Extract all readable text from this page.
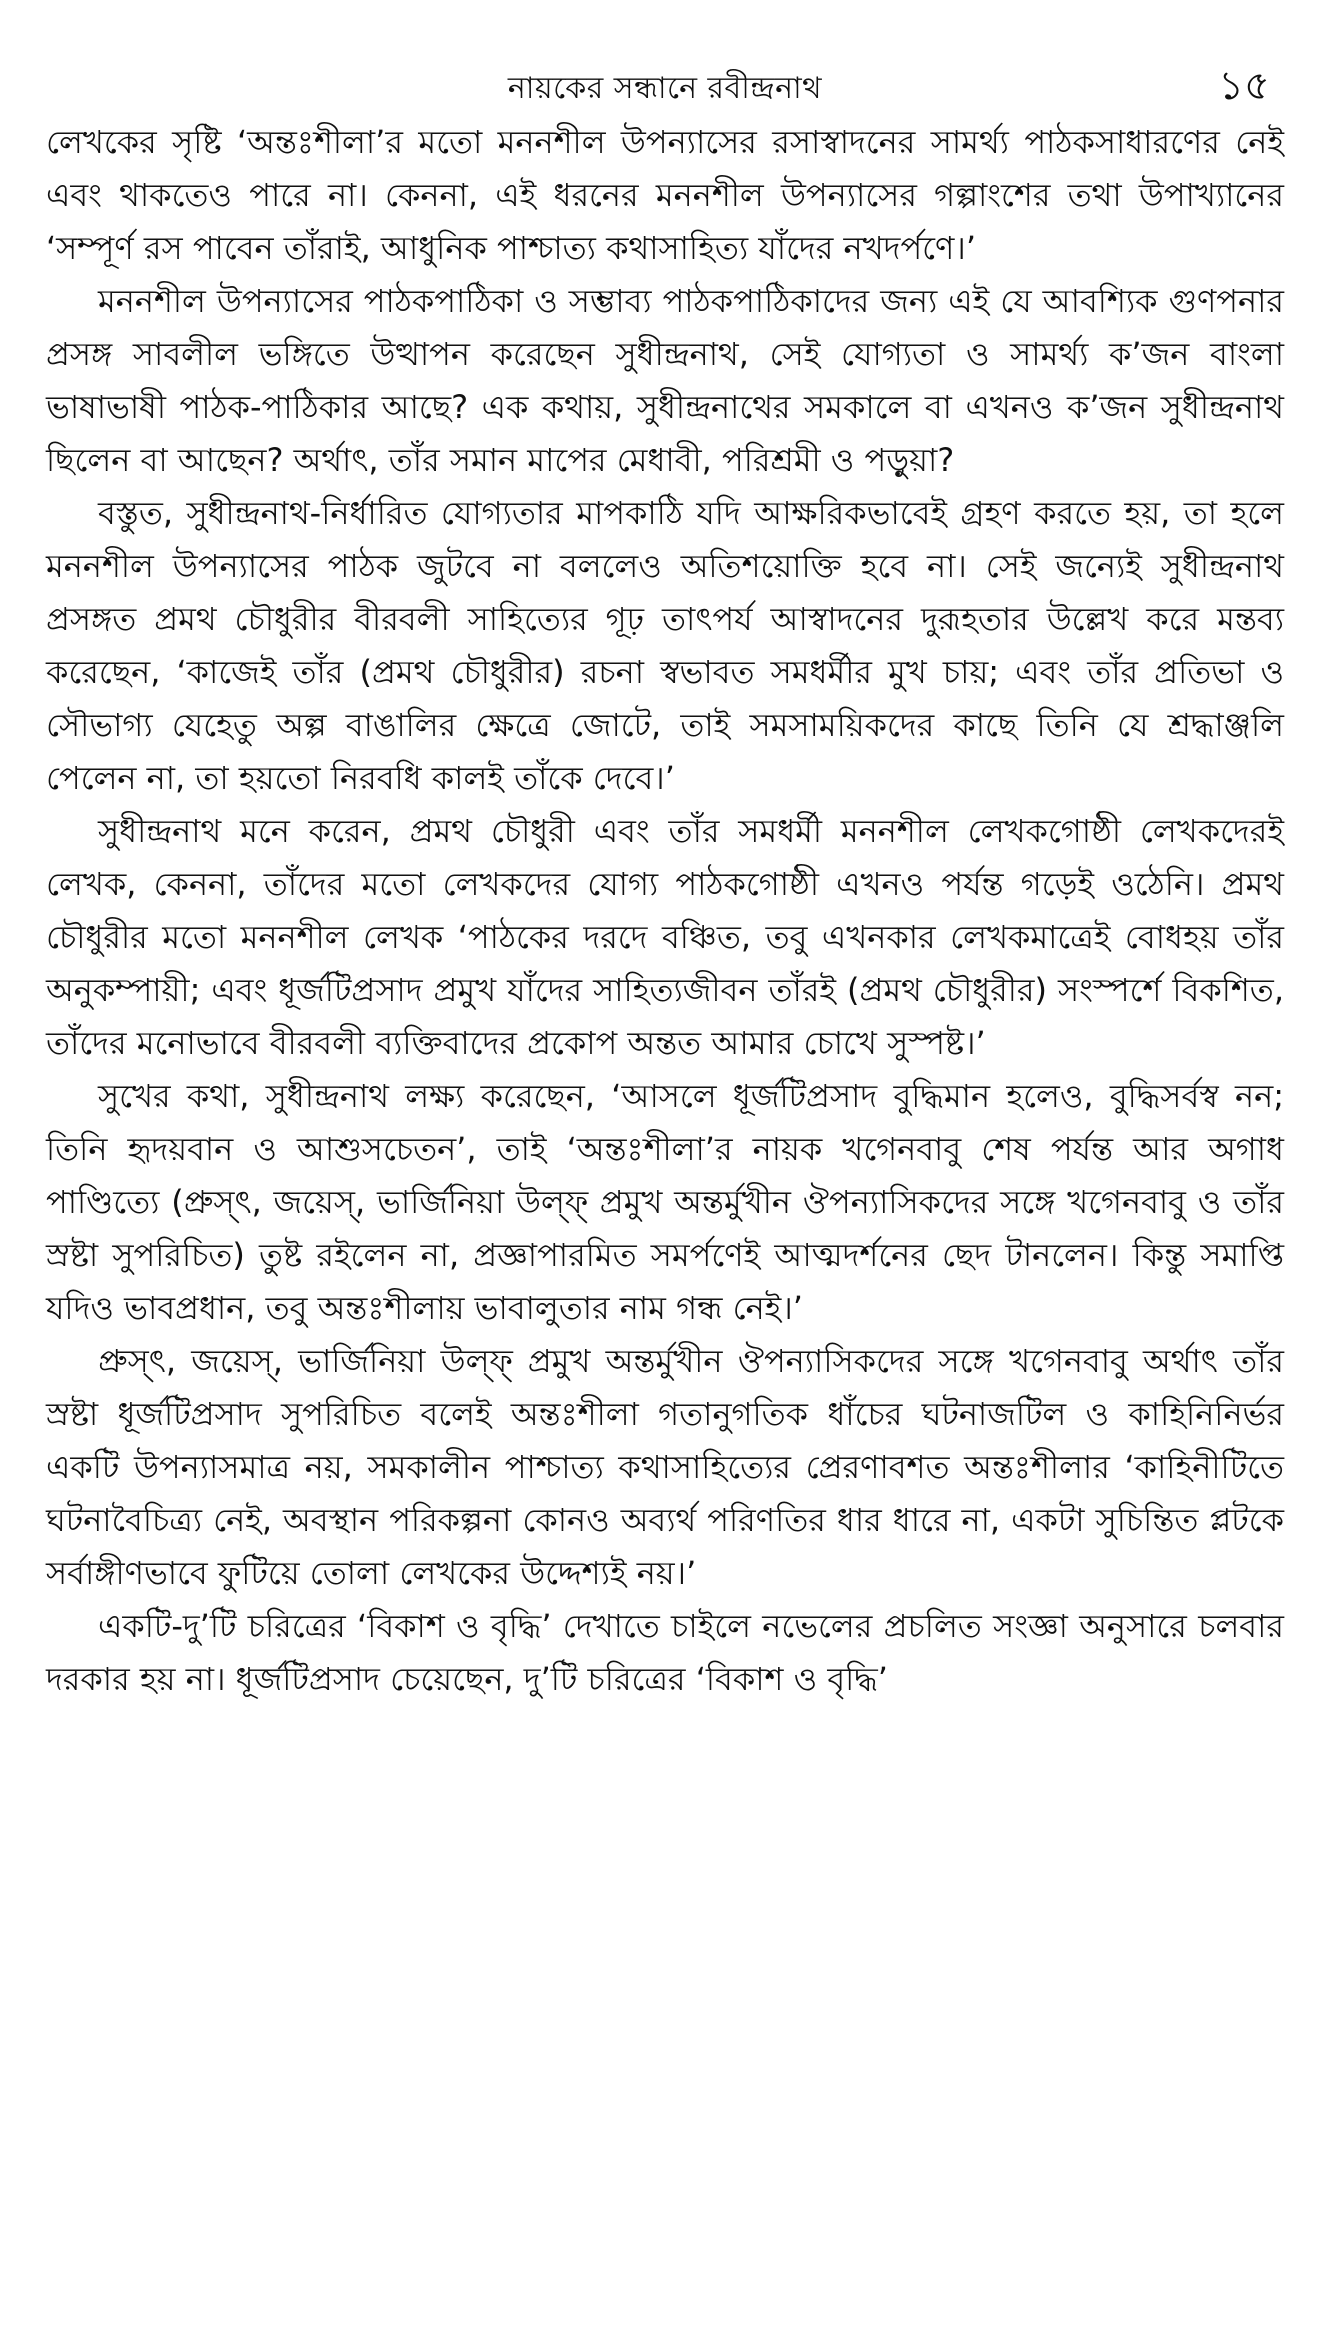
নায়কের সন্ধানে রবীন্দ্রনাথ	১৫

লেখকের সৃষ্টি ‘অন্তঃশীলা’র মতো মননশীল উপন্যাসের রসাস্বাদনের সামর্থ্য পাঠকসাধারণের নেই এবং থাকতেও পারে না। কেননা, এই ধরনের মননশীল উপন্যাসের গল্পাংশের তথা উপাখ্যানের ‘সম্পূর্ণ রস পাবেন তাঁরাই, আধুনিক পাশ্চাত্য কথাসাহিত্য যাঁদের নখদর্পণে।’

মননশীল উপন্যাসের পাঠকপাঠিকা ও সম্ভাব্য পাঠকপাঠিকাদের জন্য এই যে আবশ্যিক গুণপনার প্রসঙ্গ সাবলীল ভঙ্গিতে উত্থাপন করেছেন সুধীন্দ্রনাথ, সেই যোগ্যতা ও সামর্থ্য ক’জন বাংলা ভাষাভাষী পাঠক-পাঠিকার আছে? এক কথায়, সুধীন্দ্রনাথের সমকালে বা এখনও ক’জন সুধীন্দ্রনাথ ছিলেন বা আছেন? অর্থাৎ, তাঁর সমান মাপের মেধাবী, পরিশ্রমী ও পড়ুয়া?

বস্তুত, সুধীন্দ্রনাথ-নির্ধারিত যোগ্যতার মাপকাঠি যদি আক্ষরিকভাবেই গ্রহণ করতে হয়, তা হলে মননশীল উপন্যাসের পাঠক জুটবে না বললেও অতিশয়োক্তি হবে না। সেই জন্যেই সুধীন্দ্রনাথ প্রসঙ্গত প্রমথ চৌধুরীর বীরবলী সাহিত্যের গূঢ় তাৎপর্য আস্বাদনের দুরূহতার উল্লেখ করে মন্তব্য করেছেন, ‘কাজেই তাঁর (প্রমথ চৌধুরীর) রচনা স্বভাবত সমধর্মীর মুখ চায়; এবং তাঁর প্রতিভা ও সৌভাগ্য যেহেতু অল্প বাঙালির ক্ষেত্রে জোটে, তাই সমসাময়িকদের কাছে তিনি যে শ্রদ্ধাঞ্জলি পেলেন না, তা হয়তো নিরবধি কালই তাঁকে দেবে।’

সুধীন্দ্রনাথ মনে করেন, প্রমথ চৌধুরী এবং তাঁর সমধর্মী মননশীল লেখকগোষ্ঠী লেখকদেরই লেখক, কেননা, তাঁদের মতো লেখকদের যোগ্য পাঠকগোষ্ঠী এখনও পর্যন্ত গড়েই ওঠেনি। প্রমথ চৌধুরীর মতো মননশীল লেখক ‘পাঠকের দরদে বঞ্চিত, তবু এখনকার লেখকমাত্রেই বোধহয় তাঁর অনুকম্পায়ী; এবং ধূর্জটিপ্রসাদ প্রমুখ যাঁদের সাহিত্যজীবন তাঁরই (প্রমথ চৌধুরীর) সংস্পর্শে বিকশিত, তাঁদের মনোভাবে বীরবলী ব্যক্তিবাদের প্রকোপ অন্তত আমার চোখে সুস্পষ্ট।’

সুখের কথা, সুধীন্দ্রনাথ লক্ষ্য করেছেন, ‘আসলে ধূর্জটিপ্রসাদ বুদ্ধিমান হলেও, বুদ্ধিসর্বস্ব নন; তিনি হৃদয়বান ও আশুসচেতন’, তাই ‘অন্তঃশীলা’র নায়ক খগেনবাবু শেষ পর্যন্ত আর অগাধ পাণ্ডিত্যে (প্রুস্ৎ, জয়েস্, ভার্জিনিয়া উল্ফ্ প্রমুখ অন্তর্মুখীন ঔপন্যাসিকদের সঙ্গে খগেনবাবু ও তাঁর স্রষ্টা সুপরিচিত) তুষ্ট রইলেন না, প্রজ্ঞাপারমিত সমর্পণেই আত্মদর্শনের ছেদ টানলেন। কিন্তু সমাপ্তি যদিও ভাবপ্রধান, তবু অন্তঃশীলায় ভাবালুতার নাম গন্ধ নেই।’

প্রুস্ৎ, জয়েস্, ভার্জিনিয়া উল্ফ্ প্রমুখ অন্তর্মুখীন ঔপন্যাসিকদের সঙ্গে খগেনবাবু অর্থাৎ তাঁর স্রষ্টা ধূর্জটিপ্রসাদ সুপরিচিত বলেই অন্তঃশীলা গতানুগতিক ধাঁচের ঘটনাজটিল ও কাহিনিনির্ভর একটি উপন্যাসমাত্র নয়, সমকালীন পাশ্চাত্য কথাসাহিত্যের প্রেরণাবশত অন্তঃশীলার ‘কাহিনীটিতে ঘটনাবৈচিত্র্য নেই, অবস্থান পরিকল্পনা কোনও অব্যর্থ পরিণতির ধার ধারে না, একটা সুচিন্তিত প্লটকে সর্বাঙ্গীণভাবে ফুটিয়ে তোলা লেখকের উদ্দেশ্যই নয়।’

একটি-দু’টি চরিত্রের ‘বিকাশ ও বৃদ্ধি’ দেখাতে চাইলে নভেলের প্রচলিত সংজ্ঞা অনুসারে চলবার দরকার হয় না। ধূর্জটিপ্রসাদ চেয়েছেন, দু’টি চরিত্রের ‘বিকাশ ও বৃদ্ধি’
